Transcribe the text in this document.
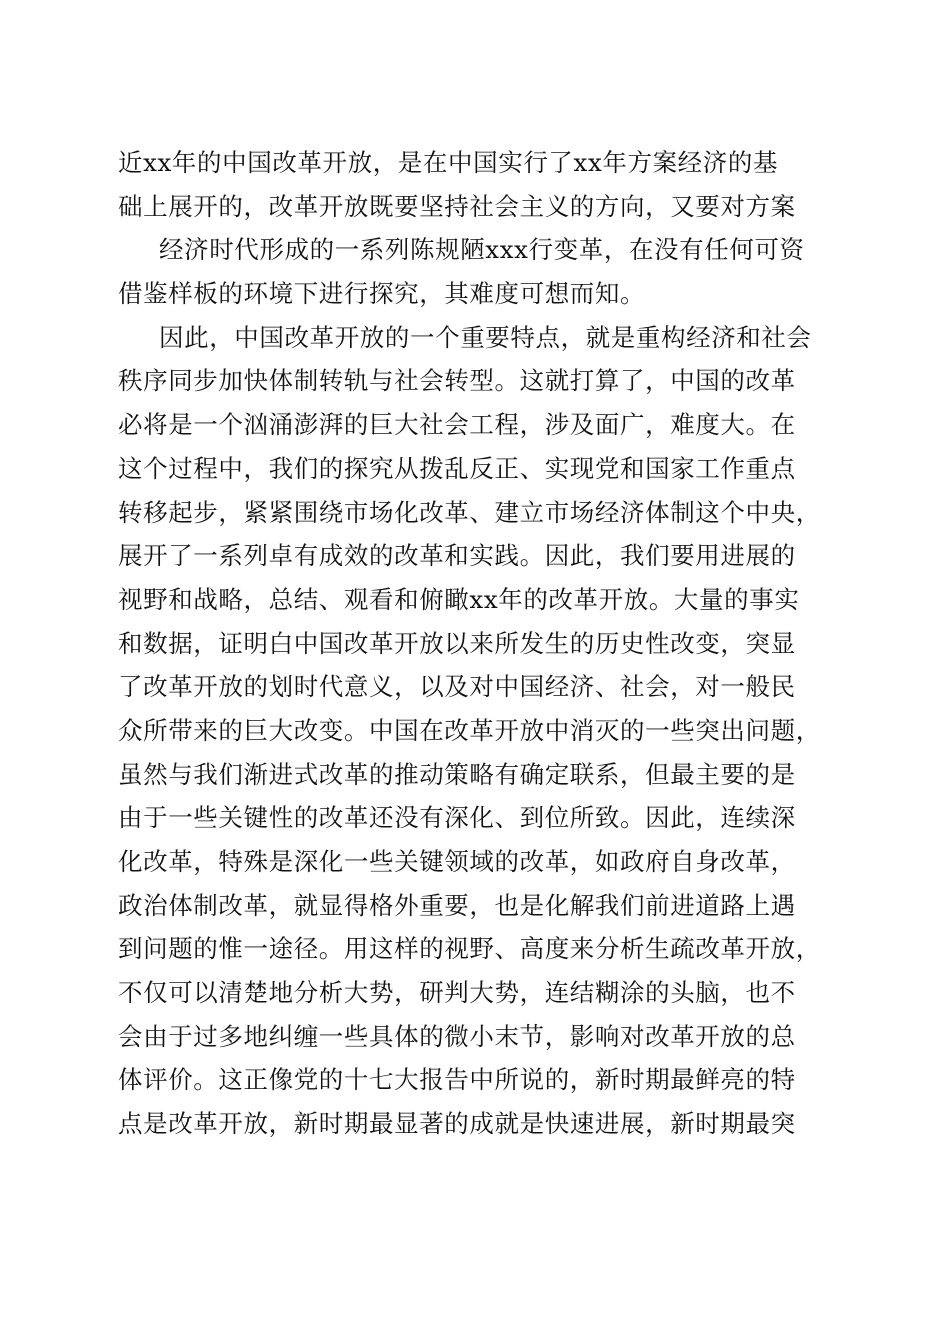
近xx年的中国改革开放，是在中国实行了xx年方案经济的基
础上展开的，改革开放既要坚持社会主义的方向，又要对方案
经济时代形成的一系列陈规陋xxx行变革，在没有任何可资
借鉴样板的环境下进行探究，其难度可想而知。
因此，中国改革开放的一个重要特点，就是重构经济和社会
秩序同步加快体制转轨与社会转型。这就打算了，中国的改革
必将是一个汹涌澎湃的巨大社会工程，涉及面广，难度大。在
这个过程中，我们的探究从拨乱反正、实现党和国家工作重点
转移起步，紧紧围绕市场化改革、建立市场经济体制这个中央，
展开了一系列卓有成效的改革和实践。因此，我们要用进展的
视野和战略，总结、观看和俯瞰xx年的改革开放。大量的事实
和数据，证明白中国改革开放以来所发生的历史性改变，突显
了改革开放的划时代意义，以及对中国经济、社会，对一般民
众所带来的巨大改变。中国在改革开放中消灭的一些突出问题，
虽然与我们渐进式改革的推动策略有确定联系，但最主要的是
由于一些关键性的改革还没有深化、到位所致。因此，连续深
化改革，特殊是深化一些关键领域的改革，如政府自身改革，
政治体制改革，就显得格外重要，也是化解我们前进道路上遇
到问题的惟一途径。用这样的视野、高度来分析生疏改革开放，
不仅可以清楚地分析大势，研判大势，连结糊涂的头脑，也不
会由于过多地纠缠一些具体的微小末节，影响对改革开放的总
体评价。这正像党的十七大报告中所说的，新时期最鲜亮的特
点是改革开放，新时期最显著的成就是快速进展，新时期最突
